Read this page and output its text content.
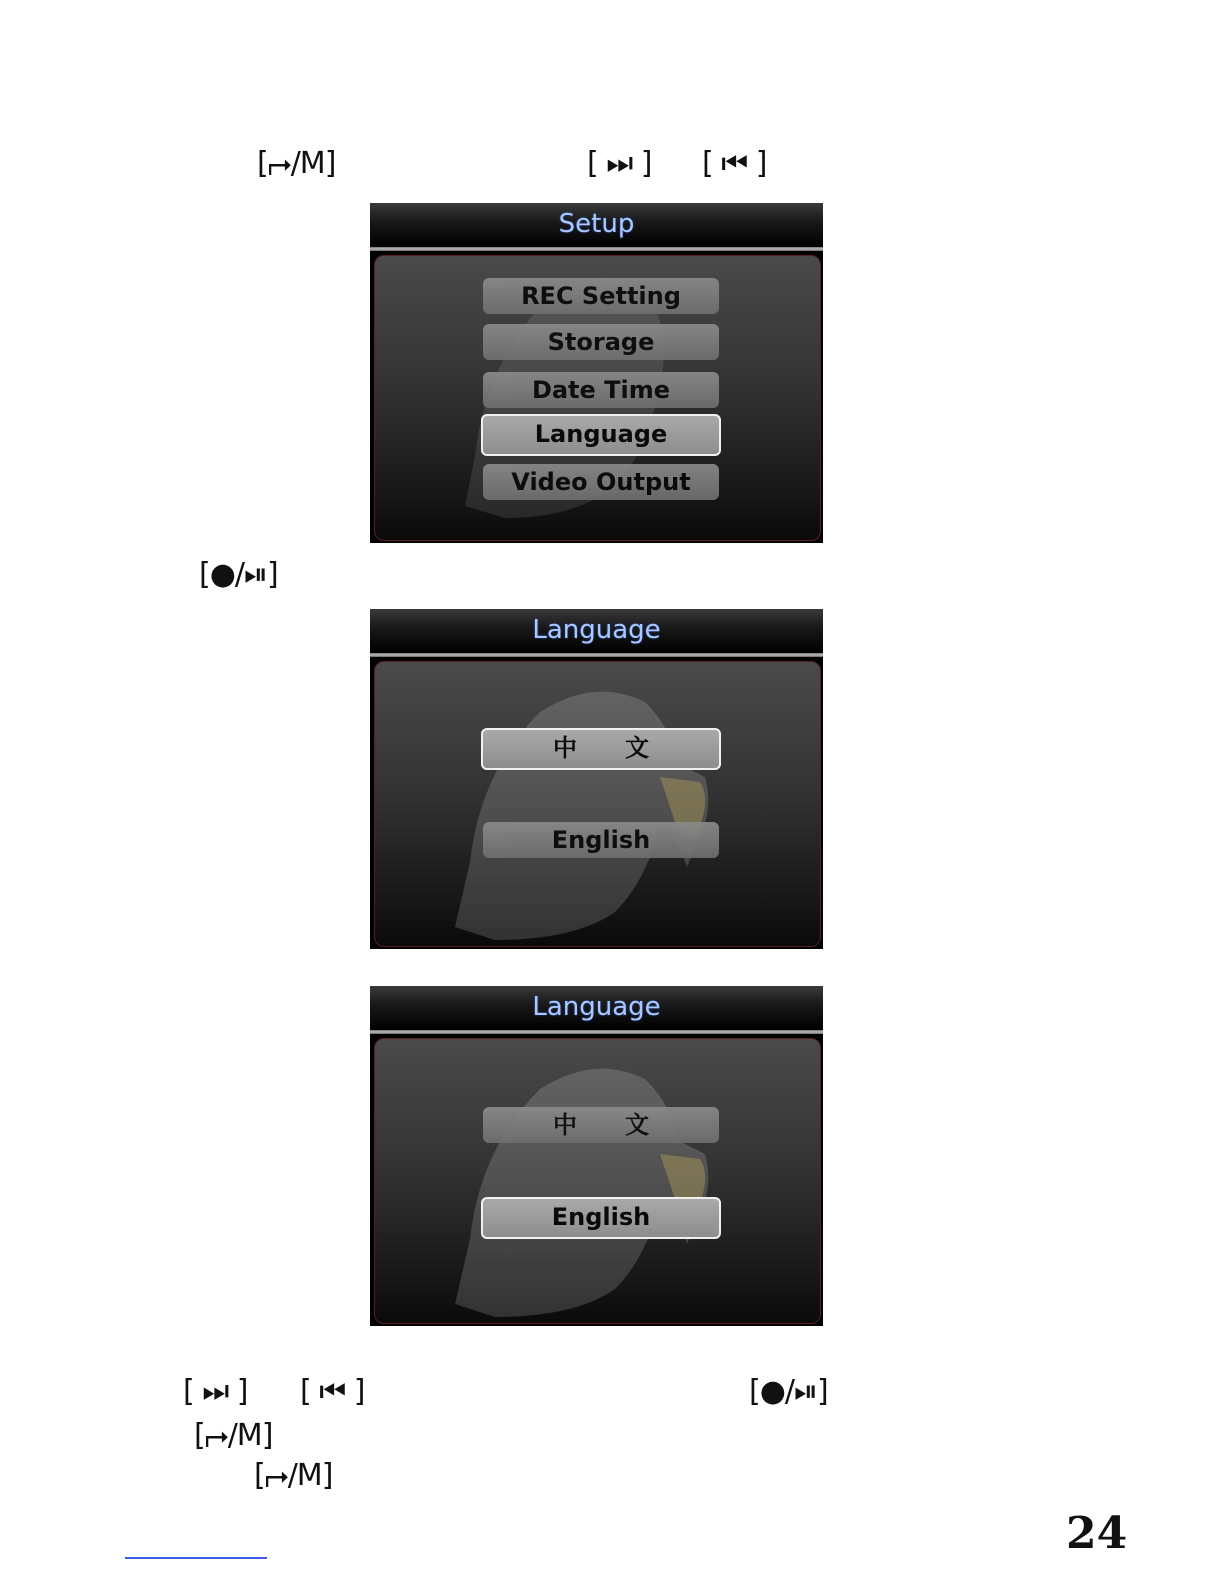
[⮣/M]	[ ⏭ ] [ ⏮ ]
Setup
REC Setting
Storage
Date Time
Language
Video Output
[●/⏯]
Language
中　　文
English
Language
中　　文
English
[ ⏭ ] [ ⏮ ]	[●/⏯]
[⮣/M]
[⮣/M]
24
